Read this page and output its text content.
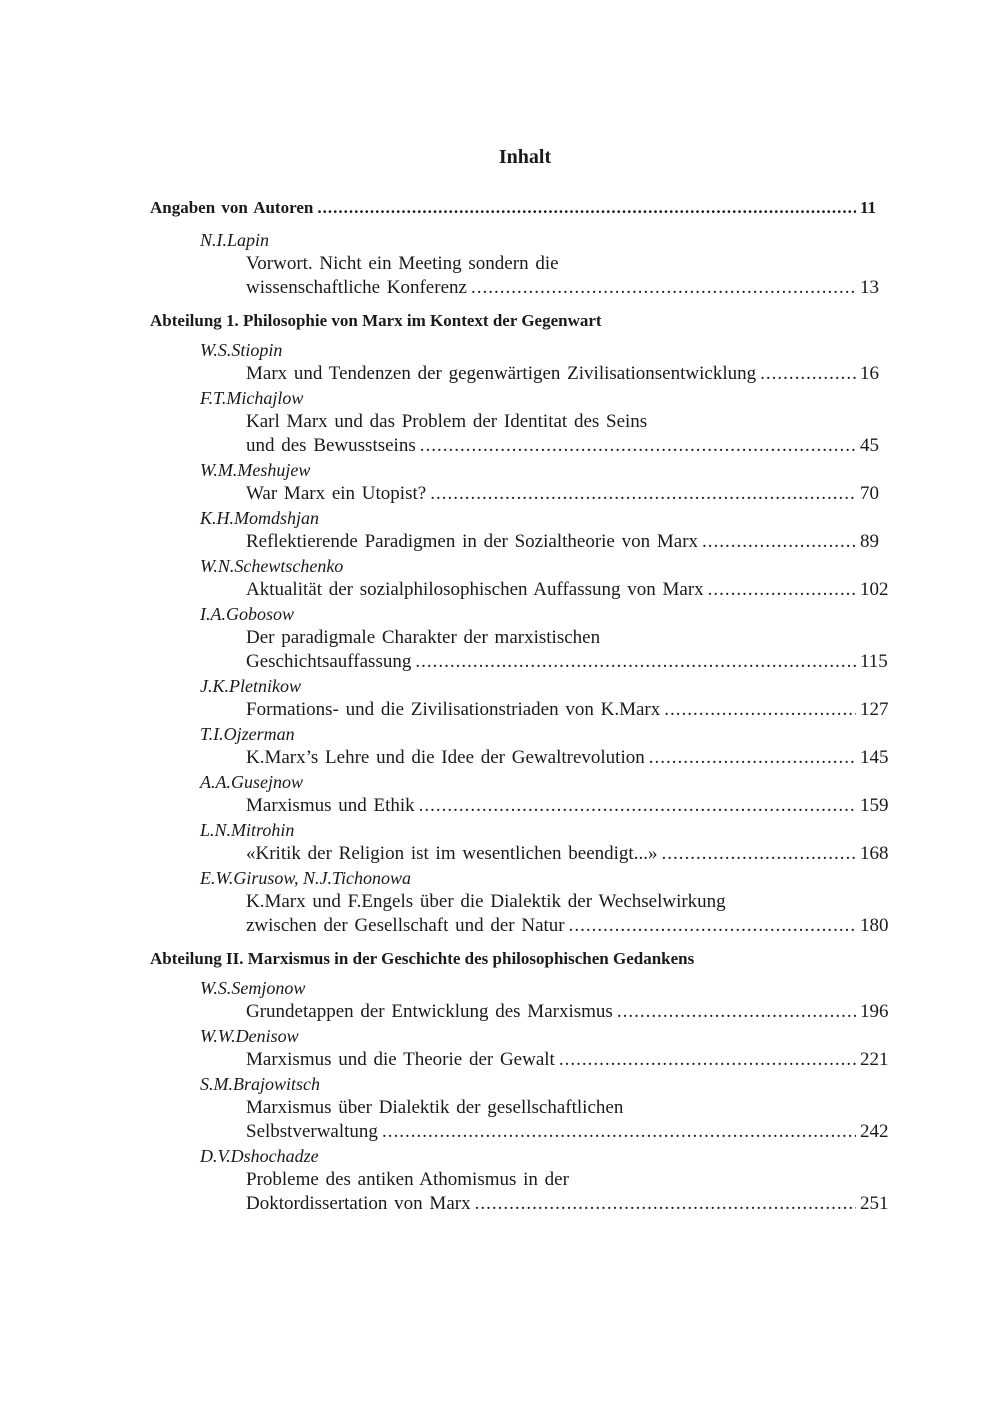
Inhalt
Angaben von Autoren .....	11
N.I.Lapin
Vorwort. Nicht ein Meeting sondern die
wissenschaftliche Konferenz .....	13
Abteilung 1. Philosophie von Marx im Kontext der Gegenwart
W.S.Stiopin
Marx und Tendenzen der gegenwärtigen Zivilisationsentwicklung .....	16
F.T.Michajlow
Karl Marx und das Problem der Identitat des Seins
und des Bewusstseins .....	45
W.M.Meshujew
War Marx ein Utopist? .....	70
K.H.Momdshjan
Reflektierende Paradigmen in der Sozialtheorie von Marx .....	89
W.N.Schewtschenko
Aktualität der sozialphilosophischen Auffassung von Marx .....	102
I.A.Gobosow
Der paradigmale Charakter der marxistischen
Geschichtsauffassung .....	115
J.K.Pletnikow
Formations- und die Zivilisationstriaden von K.Marx .....	127
T.I.Ojzerman
K.Marx’s Lehre und die Idee der Gewaltrevolution .....	145
A.A.Gusejnow
Marxismus und Ethik .....	159
L.N.Mitrohin
«Kritik der Religion ist im wesentlichen beendigt...» .....	168
E.W.Girusow, N.J.Tichonowa
K.Marx und F.Engels über die Dialektik der Wechselwirkung
zwischen der Gesellschaft und der Natur .....	180
Abteilung II. Marxismus in der Geschichte des philosophischen Gedankens
W.S.Semjonow
Grundetappen der Entwicklung des Marxismus .....	196
W.W.Denisow
Marxismus und die Theorie der Gewalt .....	221
S.M.Brajowitsch
Marxismus über Dialektik der gesellschaftlichen
Selbstverwaltung .....	242
D.V.Dshochadze
Probleme des antiken Athomismus in der
Doktordissertation von Marx .....	251
